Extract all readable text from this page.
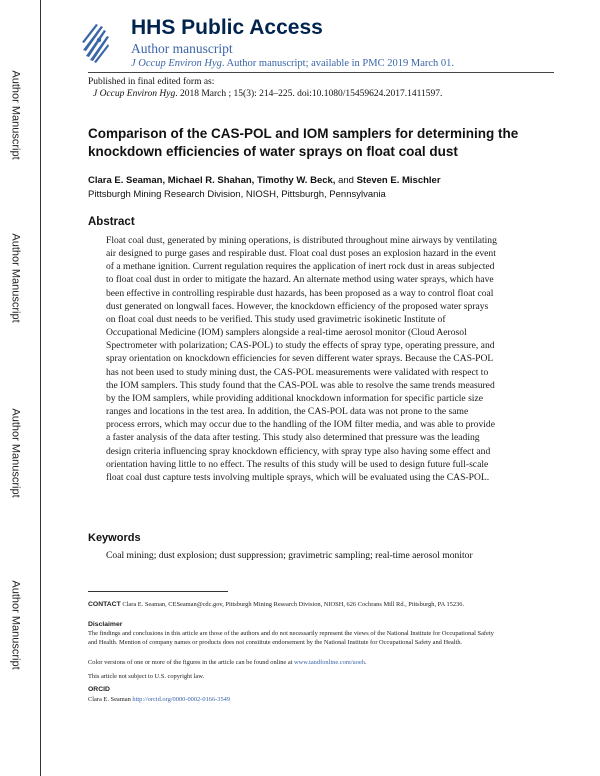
Author Manuscript
Author Manuscript
Author Manuscript
Author Manuscript
HHS Public Access
Author manuscript
J Occup Environ Hyg. Author manuscript; available in PMC 2019 March 01.
Published in final edited form as:
J Occup Environ Hyg. 2018 March ; 15(3): 214–225. doi:10.1080/15459624.2017.1411597.
Comparison of the CAS-POL and IOM samplers for determining the knockdown efficiencies of water sprays on float coal dust
Clara E. Seaman, Michael R. Shahan, Timothy W. Beck, and Steven E. Mischler
Pittsburgh Mining Research Division, NIOSH, Pittsburgh, Pennsylvania
Abstract
Float coal dust, generated by mining operations, is distributed throughout mine airways by ventilating air designed to purge gases and respirable dust. Float coal dust poses an explosion hazard in the event of a methane ignition. Current regulation requires the application of inert rock dust in areas subjected to float coal dust in order to mitigate the hazard. An alternate method using water sprays, which have been effective in controlling respirable dust hazards, has been proposed as a way to control float coal dust generated on longwall faces. However, the knockdown efficiency of the proposed water sprays on float coal dust needs to be verified. This study used gravimetric isokinetic Institute of Occupational Medicine (IOM) samplers alongside a real-time aerosol monitor (Cloud Aerosol Spectrometer with polarization; CAS-POL) to study the effects of spray type, operating pressure, and spray orientation on knockdown efficiencies for seven different water sprays. Because the CAS-POL has not been used to study mining dust, the CAS-POL measurements were validated with respect to the IOM samplers. This study found that the CAS-POL was able to resolve the same trends measured by the IOM samplers, while providing additional knockdown information for specific particle size ranges and locations in the test area. In addition, the CAS-POL data was not prone to the same process errors, which may occur due to the handling of the IOM filter media, and was able to provide a faster analysis of the data after testing. This study also determined that pressure was the leading design criteria influencing spray knockdown efficiency, with spray type also having some effect and orientation having little to no effect. The results of this study will be used to design future full-scale float coal dust capture tests involving multiple sprays, which will be evaluated using the CAS-POL.
Keywords
Coal mining; dust explosion; dust suppression; gravimetric sampling; real-time aerosol monitor
CONTACT Clara E. Seaman, CESeaman@cdc.gov, Pittsburgh Mining Research Division, NIOSH, 626 Cochrans Mill Rd., Pittsburgh, PA 15236.
Disclaimer
The findings and conclusions in this article are those of the authors and do not necessarily represent the views of the National Institute for Occupational Safety and Health. Mention of company names or products does not constitute endorsement by the National Institute for Occupational Safety and Health.
Color versions of one or more of the figures in the article can be found online at www.tandfonline.com/uoeh.
This article not subject to U.S. copyright law.
ORCID
Clara E. Seaman http://orcid.org/0000-0002-0166-3549
